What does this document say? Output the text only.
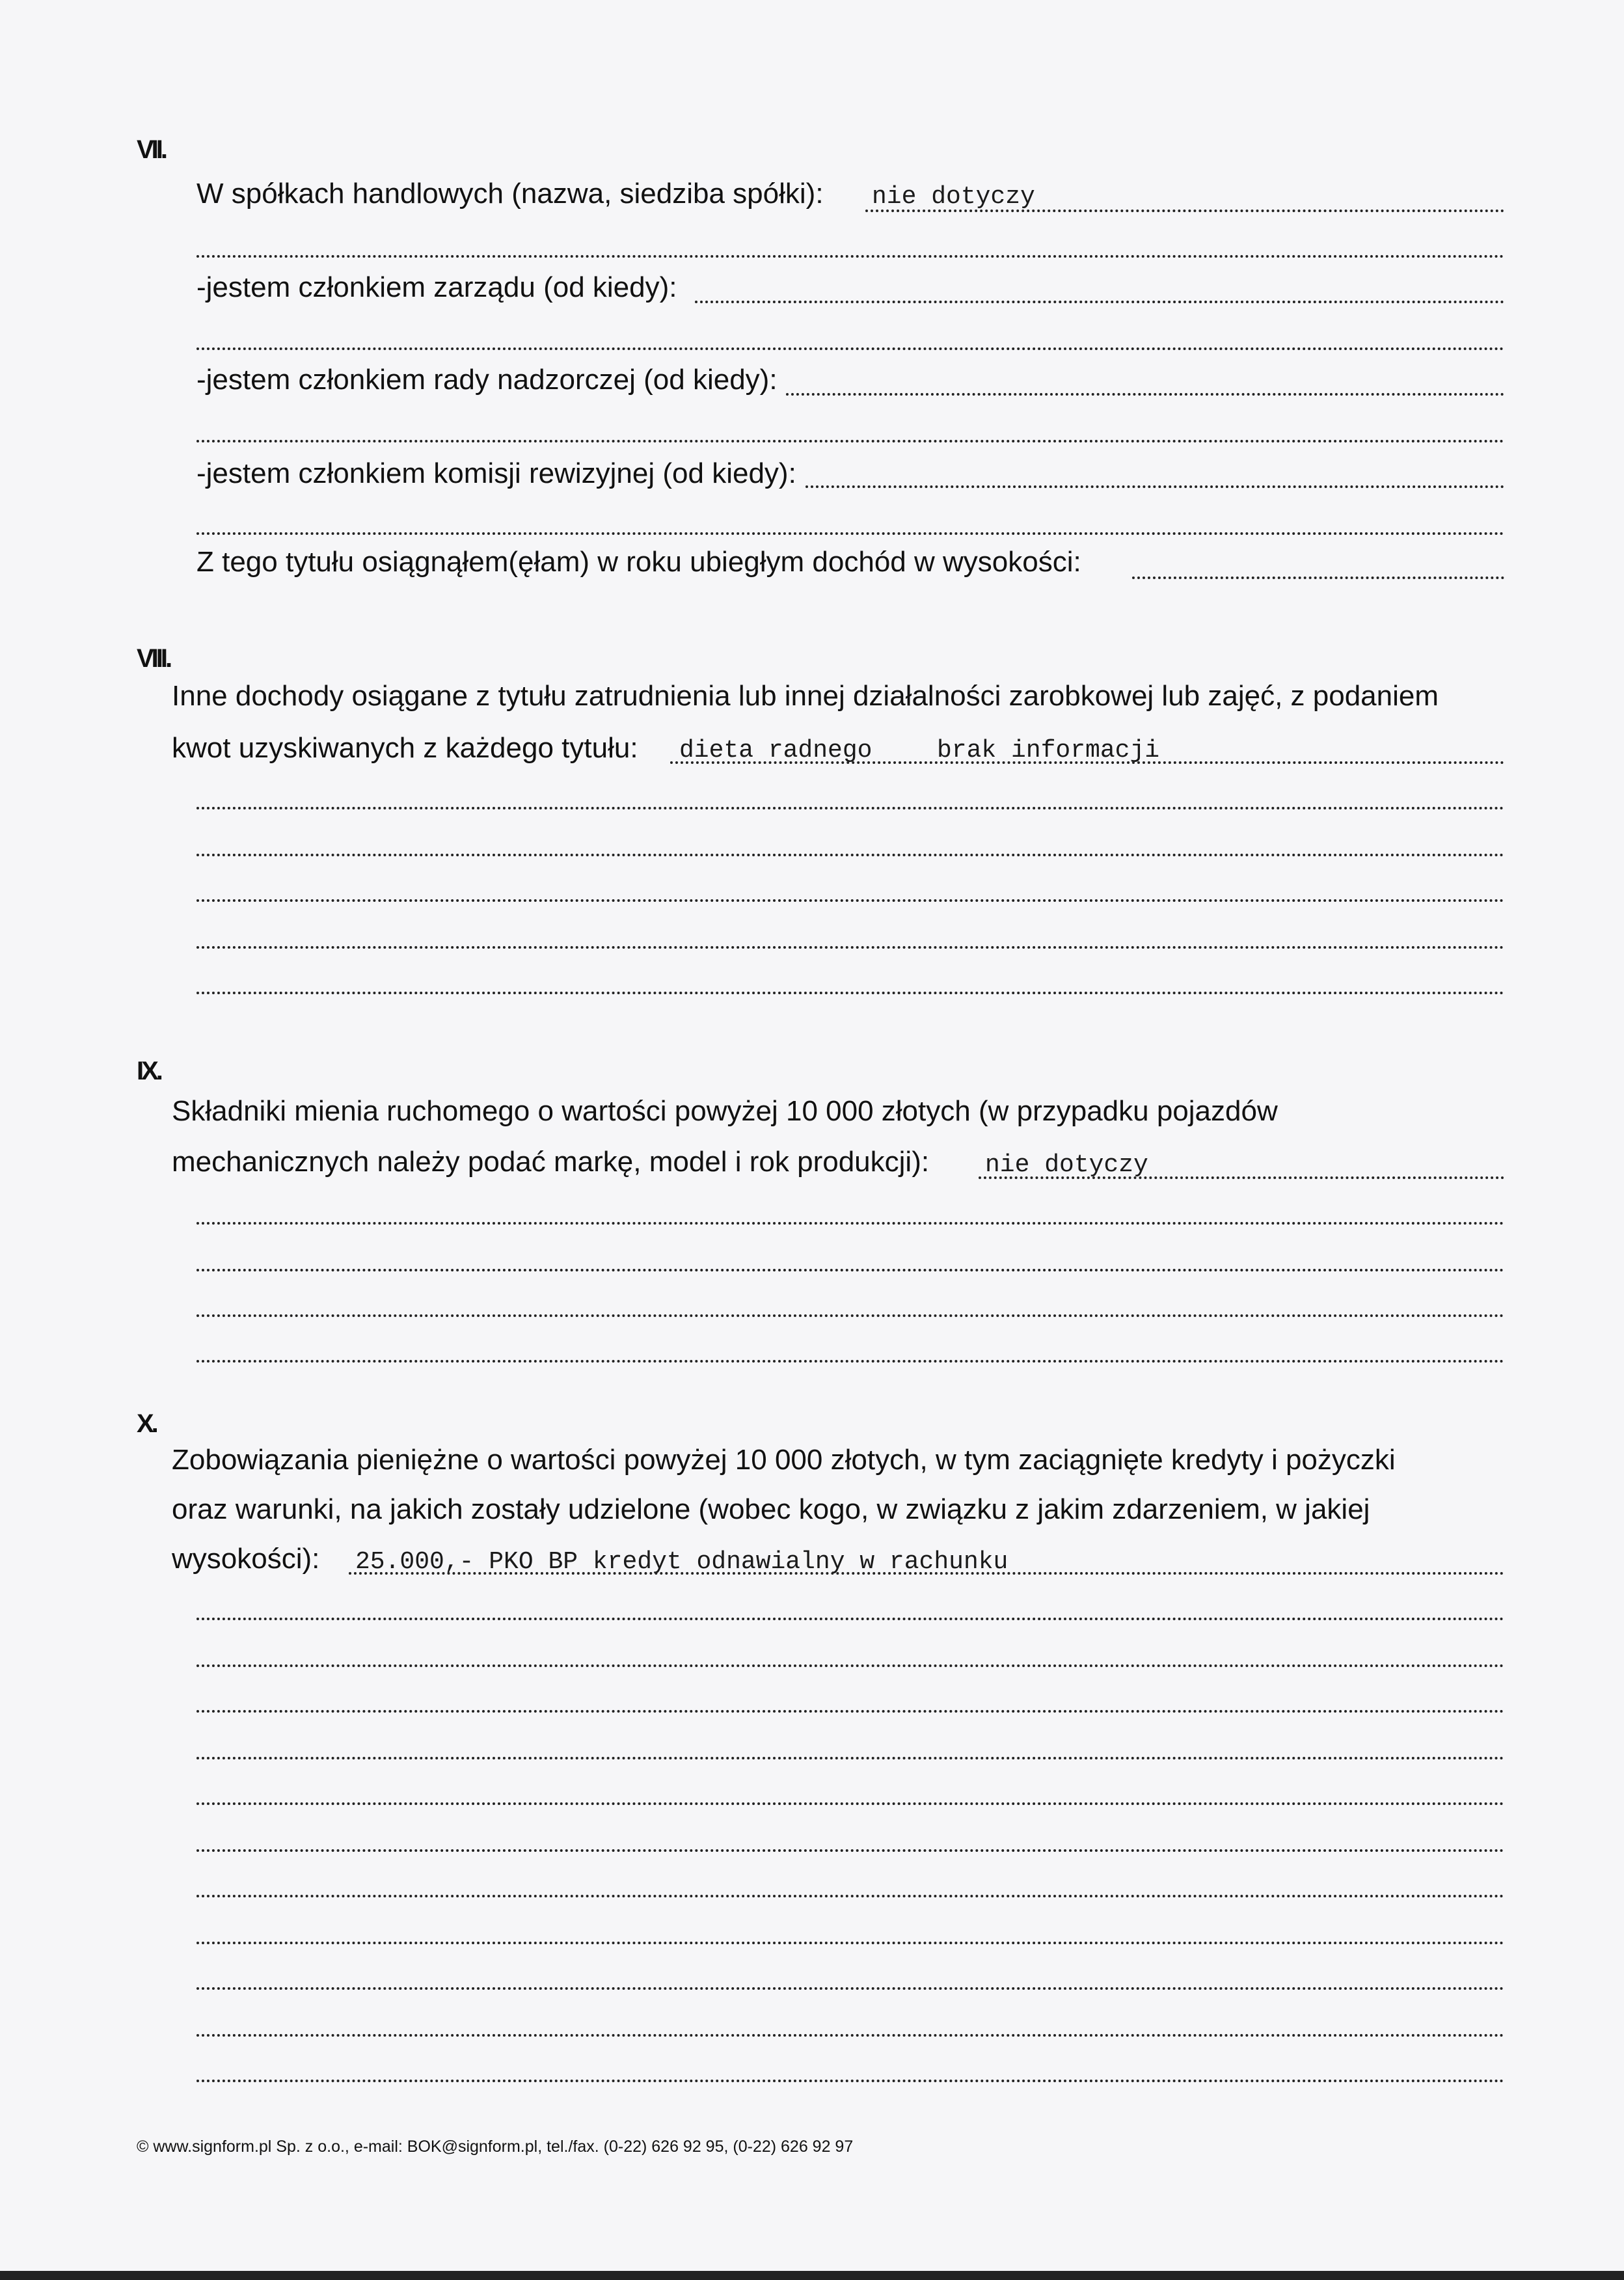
VII.
W spółkach handlowych (nazwa, siedziba spółki): nie dotyczy
-jestem członkiem zarządu (od kiedy):
-jestem członkiem rady nadzorczej (od kiedy):
-jestem członkiem komisji rewizyjnej (od kiedy):
Z tego tytułu osiągnąłem(ęłam) w roku ubiegłym dochód w wysokości:
VIII.
Inne dochody osiągane z tytułu zatrudnienia lub innej działalności zarobkowej lub zajęć, z podaniem
kwot uzyskiwanych z każdego tytułu: dieta radnego	brak informacji
IX.
Składniki mienia ruchomego o wartości powyżej 10 000 złotych (w przypadku pojazdów
mechanicznych należy podać markę, model i rok produkcji): nie dotyczy
X.
Zobowiązania pieniężne o wartości powyżej 10 000 złotych, w tym zaciągnięte kredyty i pożyczki
oraz warunki, na jakich zostały udzielone (wobec kogo, w związku z jakim zdarzeniem, w jakiej
wysokości): 25.000,- PKO BP kredyt odnawialny w rachunku
© www.signform.pl Sp. z o.o., e-mail: BOK@signform.pl, tel./fax. (0-22) 626 92 95, (0-22) 626 92 97
